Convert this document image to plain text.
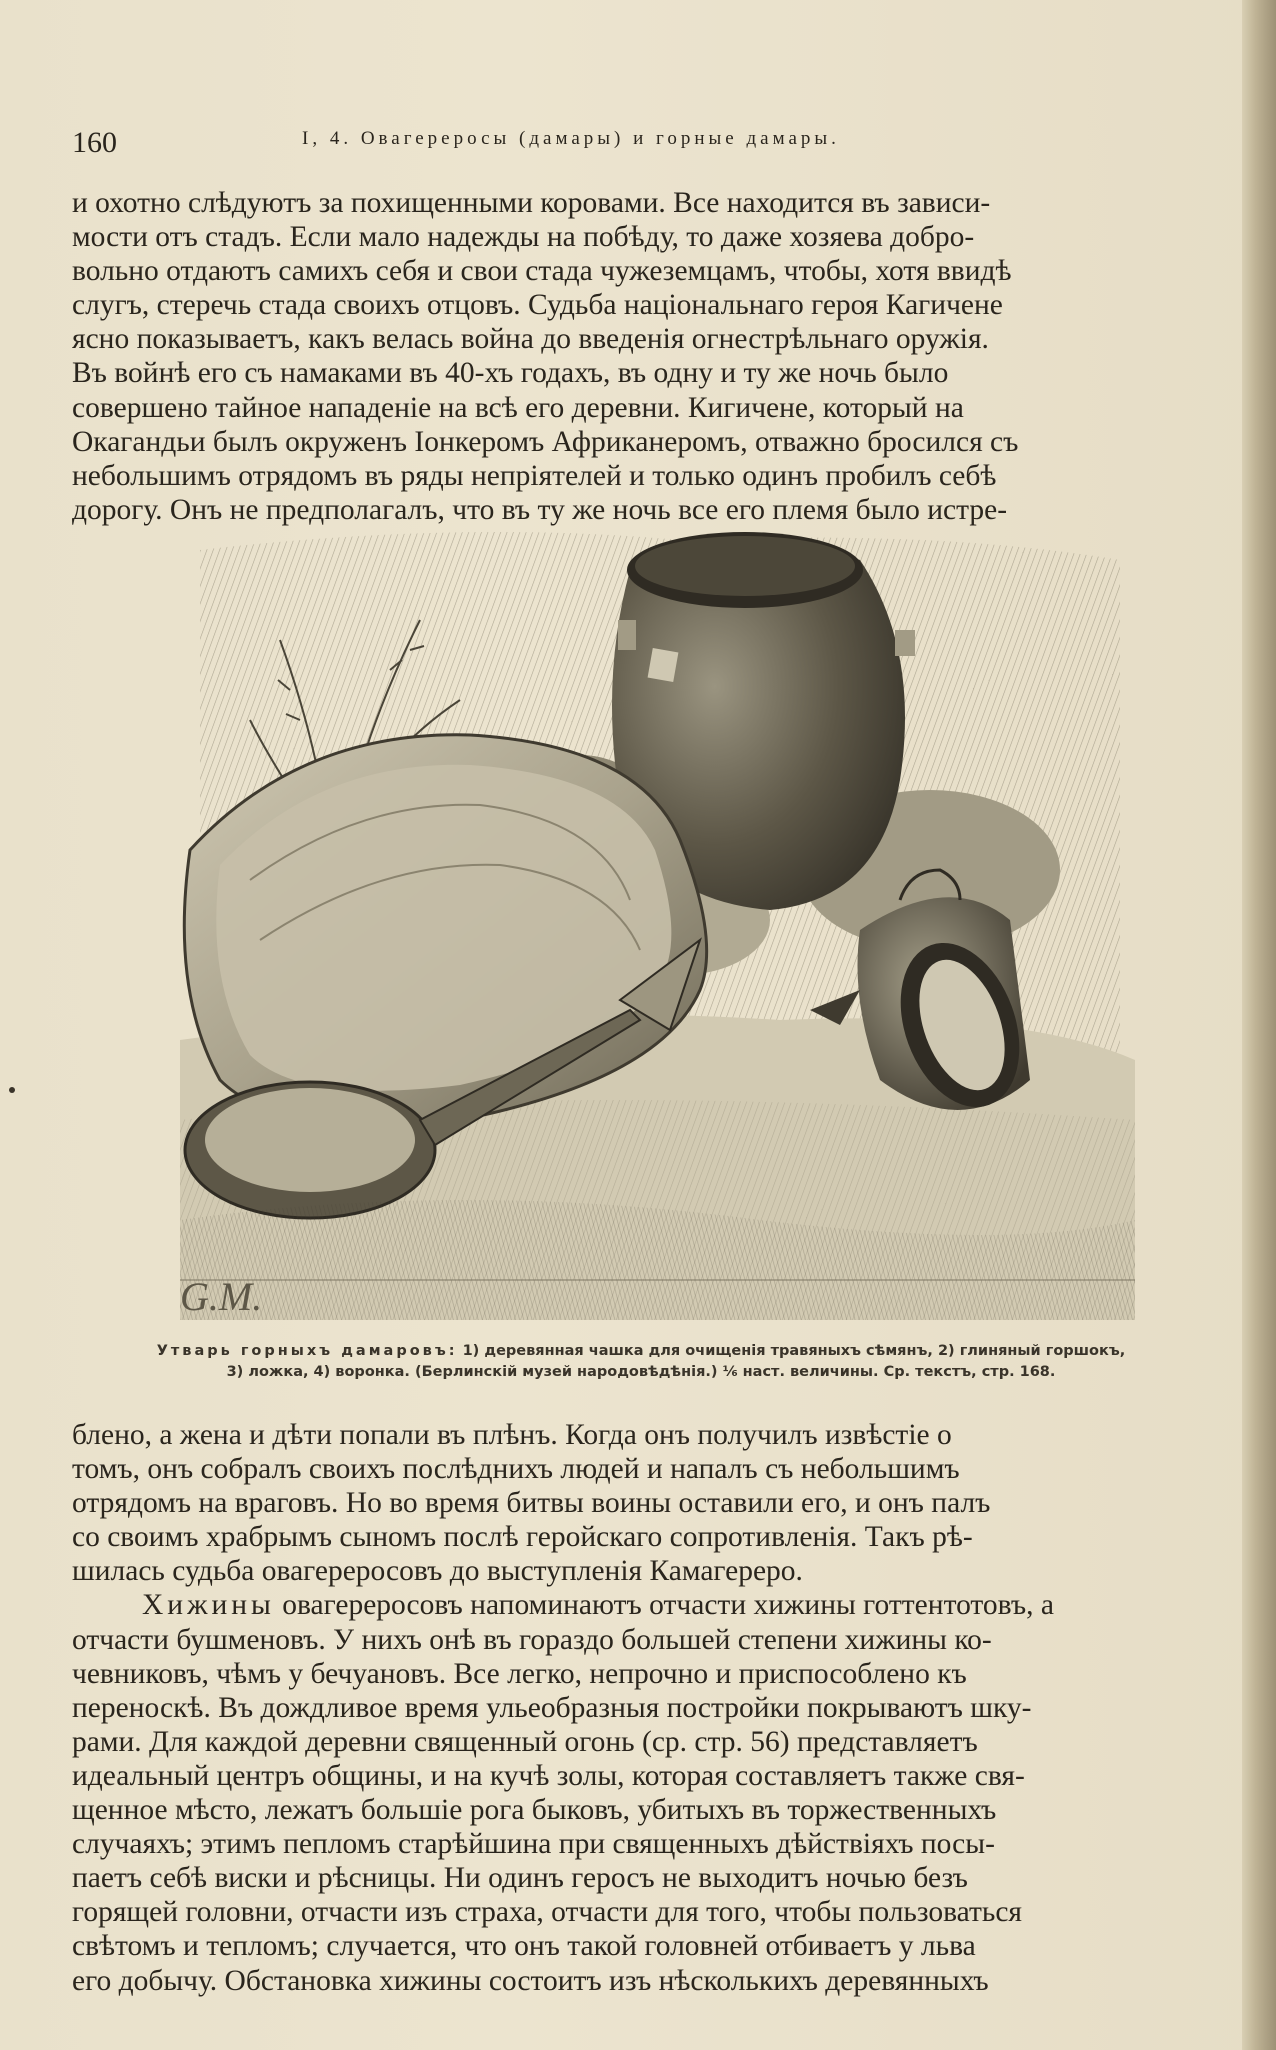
160	I, 4. Овагереросы (дамары) и горные дамары.

и охотно слѣдуютъ за похищенными коровами. Все находится въ зависи-

мости отъ стадъ. Если мало надежды на побѣду, то даже хозяева добро-

вольно отдаютъ самихъ себя и свои стада чужеземцамъ, чтобы, хотя ввидѣ

слугъ, стеречь стада своихъ отцовъ. Судьба національнаго героя Кагичене

ясно показываетъ, какъ велась война до введенія огнестрѣльнаго оружія.

Въ войнѣ его съ намаками въ 40-хъ годахъ, въ одну и ту же ночь было

совершено тайное нападеніе на всѣ его деревни. Кигичене, который на

Окагандьи былъ окруженъ Іонкеромъ Африканеромъ, отважно бросился съ

небольшимъ отрядомъ въ ряды непріятелей и только одинъ пробилъ себѣ

дорогу. Онъ не предполагалъ, что въ ту же ночь все его племя было истре-

G.M.
Утварь горныхъ дамаровъ: 1) деревянная чашка для очищенія травяныхъ сѣмянъ, 2) глиняный горшокъ,
3) ложка, 4) воронка. (Берлинскій музей народовѣдѣнія.) ⅙ наст. величины. Ср. текстъ, стр. 168.

блено, а жена и дѣти попали въ плѣнъ. Когда онъ получилъ извѣстіе о

томъ, онъ собралъ своихъ послѣднихъ людей и напалъ съ небольшимъ

отрядомъ на враговъ. Но во время битвы воины оставили его, и онъ палъ

со своимъ храбрымъ сыномъ послѣ геройскаго сопротивленія. Такъ рѣ-

шилась судьба овагереросовъ до выступленія Камагереро.

Хижины овагереросовъ напоминаютъ отчасти хижины готтентотовъ, а

отчасти бушменовъ. У нихъ онѣ въ гораздо большей степени хижины ко-

чевниковъ, чѣмъ у бечуановъ. Все легко, непрочно и приспособлено къ

переноскѣ. Въ дождливое время ульеобразныя постройки покрываютъ шку-

рами. Для каждой деревни священный огонь (ср. стр. 56) представляетъ

идеальный центръ общины, и на кучѣ золы, которая составляетъ также свя-

щенное мѣсто, лежатъ большіе рога быковъ, убитыхъ въ торжественныхъ

случаяхъ; этимъ пепломъ старѣйшина при священныхъ дѣйствіяхъ посы-

паетъ себѣ виски и рѣсницы. Ни одинъ геросъ не выходитъ ночью безъ

горящей головни, отчасти изъ страха, отчасти для того, чтобы пользоваться

свѣтомъ и тепломъ; случается, что онъ такой головней отбиваетъ у льва

его добычу. Обстановка хижины состоитъ изъ нѣсколькихъ деревянныхъ
